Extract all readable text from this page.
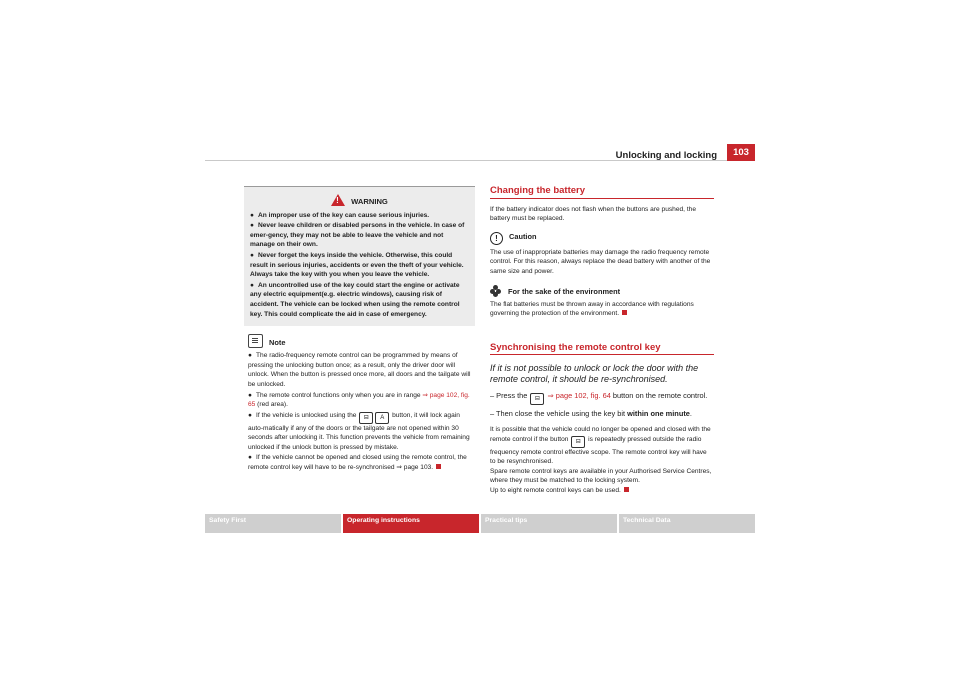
Unlocking and locking	103
! WARNING
● An improper use of the key can cause serious injuries.
● Never leave children or disabled persons in the vehicle. In case of emer-gency, they may not be able to leave the vehicle and not manage on their own.
● Never forget the keys inside the vehicle. Otherwise, this could result in serious injuries, accidents or even the theft of your vehicle. Always take the key with you when you leave the vehicle.
● An uncontrolled use of the key could start the engine or activate any electric equipment(e.g. electric windows), causing risk of accident. The vehicle can be locked when using the remote control key. This could complicate the aid in case of emergency.
Note
● The radio-frequency remote control can be programmed by means of pressing the unlocking button once; as a result, only the driver door will unlock. When the button is pressed once more, all doors and the tailgate will be unlocked.
● The remote control functions only when you are in range ⇒ page 102, fig. 65 (red area).
● If the vehicle is unlocked using the ⊟	A button, it will lock again auto-matically if any of the doors or the tailgate are not opened within 30 seconds after unlocking it. This function prevents the vehicle from remaining unlocked if the unlock button is pressed by mistake.
● If the vehicle cannot be opened and closed using the remote control, the remote control key will have to be re-synchronised ⇒ page 103.
Changing the battery
If the battery indicator does not flash when the buttons are pushed, the battery must be replaced.
! Caution
The use of inappropriate batteries may damage the radio frequency remote control. For this reason, always replace the dead battery with another of the same size and power.
For the sake of the environment
The flat batteries must be thrown away in accordance with regulations governing the protection of the environment.
Synchronising the remote control key
If it is not possible to unlock or lock the door with the remote control, it should be re-synchronised.
– Press the ⊟ ⇒ page 102, fig. 64 button on the remote control.
– Then close the vehicle using the key bit within one minute.
It is possible that the vehicle could no longer be opened and closed with the remote control if the button ⊟ is repeatedly pressed outside the radio frequency remote control effective scope. The remote control key will have to be resynchronised.
Spare remote control keys are available in your Authorised Service Centres, where they must be matched to the locking system.
Up to eight remote control keys can be used.
Safety First	Operating instructions	Practical tips	Technical Data
